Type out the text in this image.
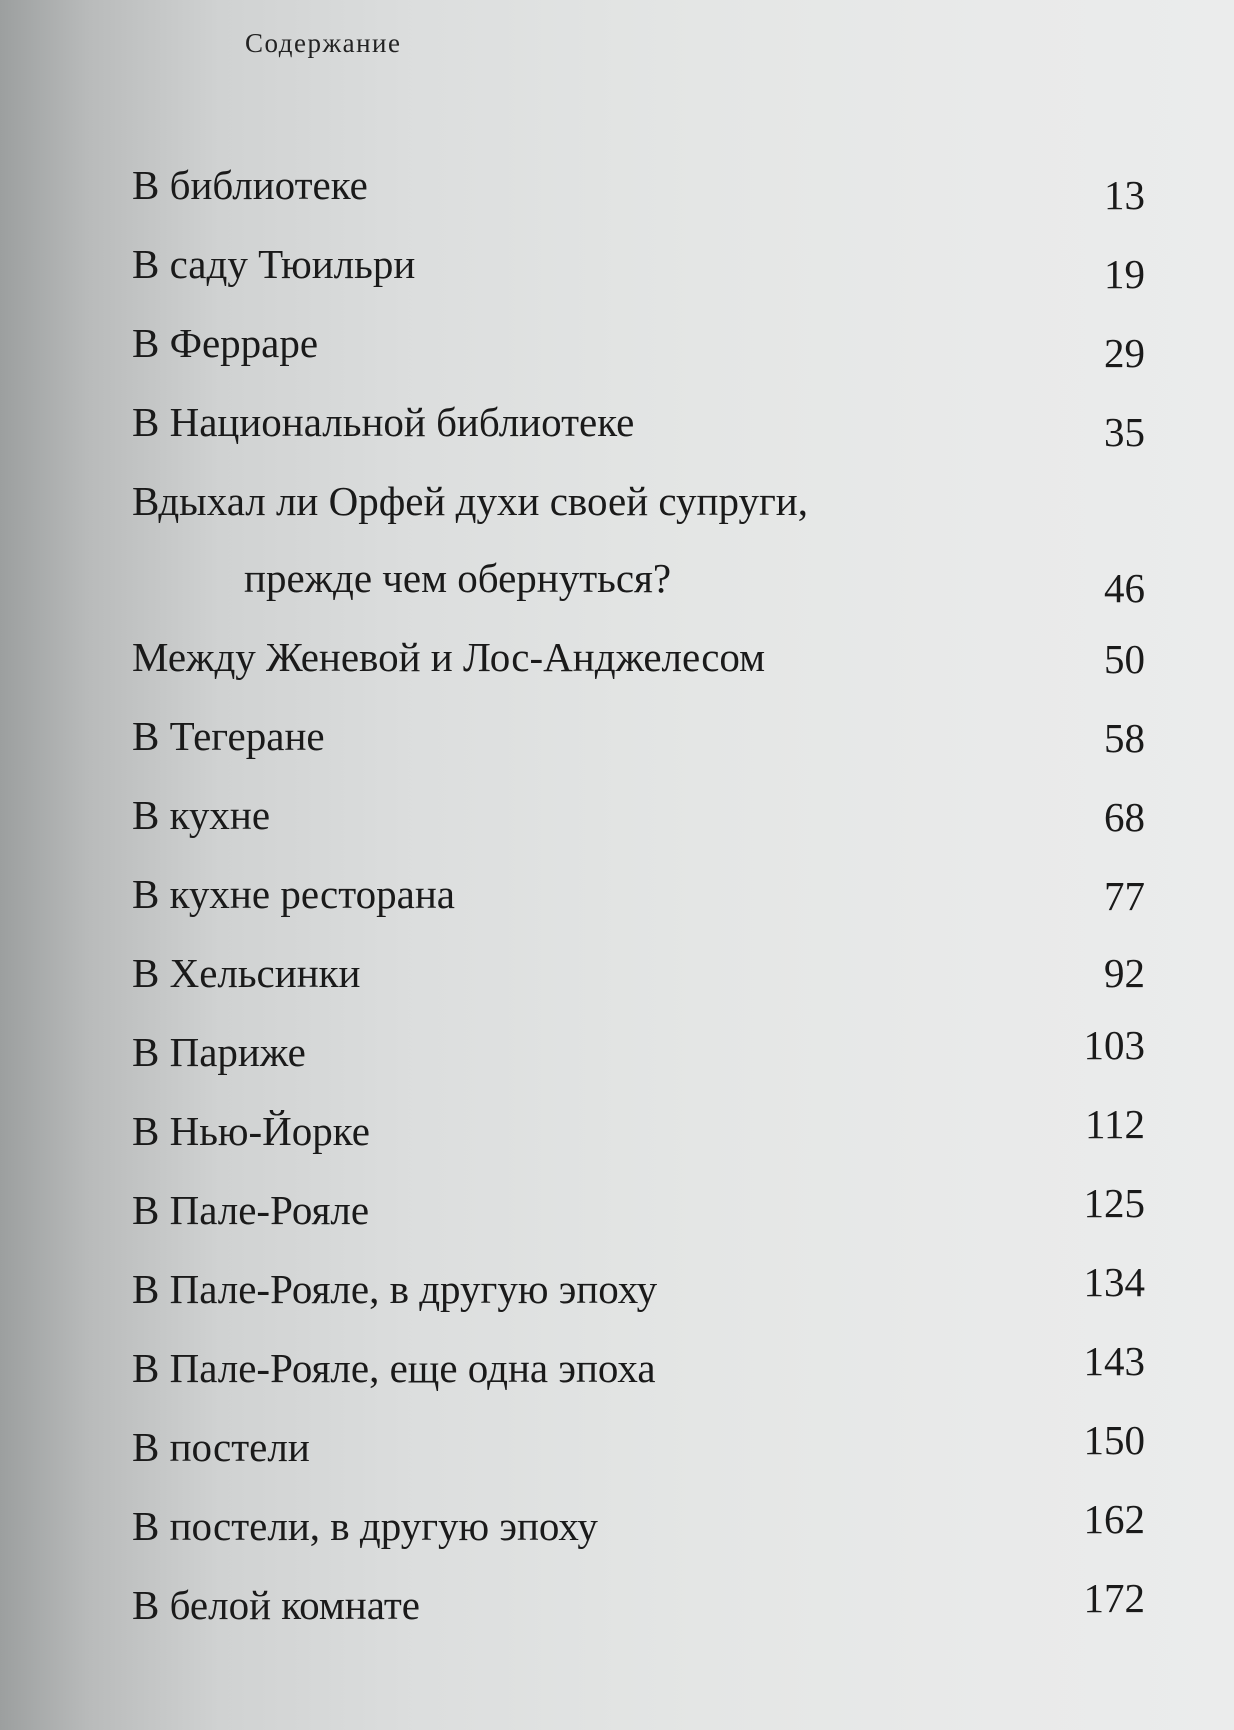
Содержание
В библиотеке	13
В саду Тюильри	19
В Ферраре	29
В Национальной библиотеке	35
Вдыхал ли Орфей духи своей супруги,
прежде чем обернуться?	46
Между Женевой и Лос-Анджелесом	50
В Тегеране	58
В кухне	68
В кухне ресторана	77
В Хельсинки	92
В Париже	103
В Нью-Йорке	112
В Пале-Рояле	125
В Пале-Рояле, в другую эпоху	134
В Пале-Рояле, еще одна эпоха	143
В постели	150
В постели, в другую эпоху	162
В белой комнате	172
